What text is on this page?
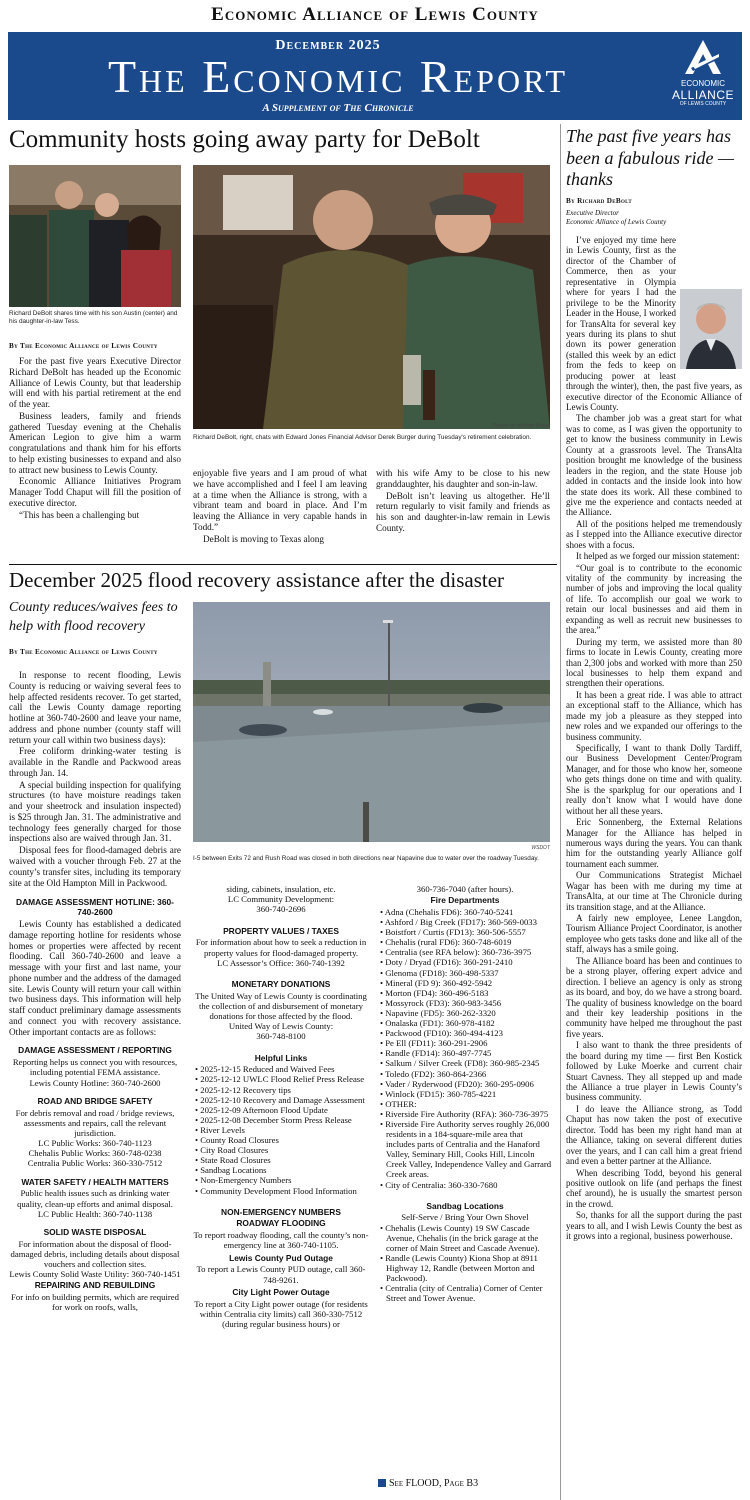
Economic Alliance of Lewis County
December 2025
The Economic Report
A Supplement of The Chronicle
ECONOMIC
ALLIANCE
OF LEWIS COUNTY
Community hosts going away party for DeBolt
Richard DeBolt shares time with his son Austin (center) and his daughter-in-law Tess.
Photos by Michael Wagar
Richard DeBolt, right, chats with Edward Jones Financial Advisor Derek Burger during Tuesday's retirement celebration.
By The Economic Alliance of Lewis County

For the past five years Executive Director Richard DeBolt has headed up the Economic Alliance of Lewis County, but that leadership will end with his partial retirement at the end of the year.

Business leaders, family and friends gathered Tuesday evening at the Chehalis American Legion to give him a warm congratulations and thank him for his efforts to help existing businesses to expand and also to attract new business to Lewis County.

Economic Alliance Initiatives Program Manager Todd Chaput will fill the position of executive director.

“This has been a challenging but

enjoyable five years and I am proud of what we have accomplished and I feel I am leaving at a time when the Alliance is strong, with a vibrant team and board in place. And I’m leaving the Alliance in very capable hands in Todd.”

DeBolt is moving to Texas along

with his wife Amy to be close to his new granddaughter, his daughter and son-in-law.

DeBolt isn’t leaving us altogether. He’ll return regularly to visit family and friends as his son and daughter-in-law remain in Lewis County.

December 2025 flood recovery assistance after the disaster
County reduces/waives fees to help with flood recovery
By The Economic Alliance of Lewis County
WSDOT
I-5 between Exits 72 and Rush Road was closed in both directions near Napavine due to water over the roadway Tuesday.

In response to recent flooding, Lewis County is reducing or waiving several fees to help affected residents recover. To get started, call the Lewis County damage reporting hotline at 360-740-2600 and leave your name, address and phone number (county staff will return your call within two business days):

Free coliform drinking-water testing is available in the Randle and Packwood areas through Jan. 14.

A special building inspection for qualifying structures (to have moisture readings taken and your sheetrock and insulation inspected) is $25 through Jan. 31. The administrative and technology fees generally charged for those inspections also are waived through Jan. 31.

Disposal fees for flood-damaged debris are waived with a voucher through Feb. 27 at the county’s transfer sites, including its temporary site at the Old Hampton Mill in Packwood.

DAMAGE ASSESSMENT HOTLINE: 360-740-2600

Lewis County has established a dedicated damage reporting hotline for residents whose homes or properties were affected by recent flooding. Call 360-740-2600 and leave a message with your first and last name, your phone number and the address of the damaged site. Lewis County will return your call within two business days. This information will help staff conduct preliminary damage assessments and connect you with recovery assistance. Other important contacts are as follows:

DAMAGE ASSESSMENT / REPORTING
Reporting helps us connect you with resources, including potential FEMA assistance.
Lewis County Hotline: 360-740-2600
ROAD AND BRIDGE SAFETY
For debris removal and road / bridge reviews, assessments and repairs, call the relevant jurisdiction.
LC Public Works: 360-740-1123
Chehalis Public Works: 360-748-0238
Centralia Public Works: 360-330-7512
WATER SAFETY / HEALTH MATTERS
Public health issues such as drinking water quality, clean-up efforts and animal disposal.
LC Public Health: 360-740-1138
SOLID WASTE DISPOSAL
For information about the disposal of flood-damaged debris, including details about disposal vouchers and collection sites.
Lewis County Solid Waste Utility: 360-740-1451
REPAIRING AND REBUILDING
For info on building permits, which are required for work on roofs, walls,
siding, cabinets, insulation, etc.
LC Community Development:
360-740-2696
PROPERTY VALUES / TAXES
For information about how to seek a reduction in property values for flood-damaged property.
LC Assessor’s Office: 360-740-1392
MONETARY DONATIONS
The United Way of Lewis County is coordinating the collection of and disbursement of monetary donations for those affected by the flood.
United Way of Lewis County:
360-748-8100
Helpful Links
• 2025-12-15 Reduced and Waived Fees
• 2025-12-12 UWLC Flood Relief Press Release
• 2025-12-12 Recovery tips
• 2025-12-10 Recovery and Damage Assessment
• 2025-12-09 Afternoon Flood Update
• 2025-12-08 December Storm Press Release
• River Levels
• County Road Closures
• City Road Closures
• State Road Closures
• Sandbag Locations
• Non-Emergency Numbers
• Community Development Flood Information
NON-EMERGENCY NUMBERS
ROADWAY FLOODING
To report roadway flooding, call the county’s non-emergency line at 360-740-1105.
Lewis County Pud Outage
To report a Lewis County PUD outage, call 360-748-9261.
City Light Power Outage
To report a City Light power outage (for residents within Centralia city limits) call 360-330-7512
(during regular business hours) or
360-736-7040 (after hours).
Fire Departments
• Adna (Chehalis FD6): 360-740-5241
• Ashford / Big Creek (FD17): 360-569-0033
• Boistfort / Curtis (FD13): 360-506-5557
• Chehalis (rural FD6): 360-748-6019
• Centralia (see RFA below): 360-736-3975
• Doty / Dryad (FD16): 360-291-2410
• Glenoma (FD18): 360-498-5337
• Mineral (FD 9): 360-492-5942
• Morton (FD4): 360-496-5183
• Mossyrock (FD3): 360-983-3456
• Napavine (FD5): 360-262-3320
• Onalaska (FD1): 360-978-4182
• Packwood (FD10): 360-494-4123
• Pe Ell (FD11): 360-291-2906
• Randle (FD14): 360-497-7745
• Salkum / Silver Creek (FD8): 360-985-2345
• Toledo (FD2): 360-864-2366
• Vader / Ryderwood (FD20): 360-295-0906
• Winlock (FD15): 360-785-4221
• OTHER:
• Riverside Fire Authority (RFA): 360-736-3975
• Riverside Fire Authority serves roughly 26,000 residents in a 184-square-mile area that includes parts of Centralia and the Hanaford Valley, Seminary Hill, Cooks Hill, Lincoln Creek Valley, Independence Valley and Garrard Creek areas.
• City of Centralia: 360-330-7680
Sandbag Locations
Self-Serve / Bring Your Own Shovel
• Chehalis (Lewis County) 19 SW Cascade Avenue, Chehalis (in the brick garage at the corner of Main Street and Cascade Avenue).
• Randle (Lewis County) Kiona Shop at 8911 Highway 12, Randle (between Morton and Packwood).
• Centralia (city of Centralia) Corner of Center Street and Tower Avenue.
See FLOOD, Page B3
The past five years has been a fabulous ride — thanks
By Richard DeBolt
Executive Director
Economic Alliance of Lewis County

I’ve enjoyed my time here in Lewis County, first as the director of the Chamber of Commerce, then as your representative in Olympia where for years I had the privilege to be the Minority Leader in the House, I worked for TransAlta for several key years during its plans to shut down its power generation (stalled this week by an edict from the feds to keep on producing power at least through the winter), then, the past five years, as executive director of the Economic Alliance of Lewis County.

The chamber job was a great start for what was to come, as I was given the opportunity to get to know the business community in Lewis County at a grassroots level. The TransAlta position brought me knowledge of the business leaders in the region, and the state House job added in contacts and the inside look into how the state does its work. All these combined to give me the experience and contacts needed at the Alliance.

All of the positions helped me tremendously as I stepped into the Alliance executive director shoes with a focus.

It helped as we forged our mission statement:

“Our goal is to contribute to the economic vitality of the community by increasing the number of jobs and improving the local quality of life. To accomplish our goal we work to retain our local businesses and aid them in expanding as well as recruit new businesses to the area.”

During my term, we assisted more than 80 firms to locate in Lewis County, creating more than 2,300 jobs and worked with more than 250 local businesses to help them expand and strengthen their operations.

It has been a great ride. I was able to attract an exceptional staff to the Alliance, which has made my job a pleasure as they stepped into new roles and we expanded our offerings to the business community.

Specifically, I want to thank Dolly Tardiff, our Business Development Center/Program Manager, and for those who know her, someone who gets things done on time and with quality. She is the sparkplug for our operations and I really don’t know what I would have done without her all these years.

Eric Sonnenberg, the External Relations Manager for the Alliance has helped in numerous ways during the years. You can thank him for the outstanding yearly Alliance golf tournament each summer.

Our Communications Strategist Michael Wagar has been with me during my time at TransAlta, at our time at The Chronicle during its transition stage, and at the Alliance.

A fairly new employee, Lenee Langdon, Tourism Alliance Project Coordinator, is another employee who gets tasks done and like all of the staff, always has a smile going.

The Alliance board has been and continues to be a strong player, offering expert advice and direction. I believe an agency is only as strong as its board, and boy, do we have a strong board. The quality of business knowledge on the board and their key leadership positions in the community have helped me throughout the past five years.

I also want to thank the three presidents of the board during my time — first Ben Kostick followed by Luke Moerke and current chair Stuart Cavness. They all stepped up and made the Alliance a true player in Lewis County’s business community.

I do leave the Alliance strong, as Todd Chaput has now taken the post of executive director. Todd has been my right hand man at the Alliance, taking on several different duties over the years, and I can call him a great friend and even a better partner at the Alliance.

When describing Todd, beyond his general positive outlook on life (and perhaps the finest chef around), he is usually the smartest person in the crowd.

So, thanks for all the support during the past years to all, and I wish Lewis County the best as it grows into a regional, business powerhouse.
